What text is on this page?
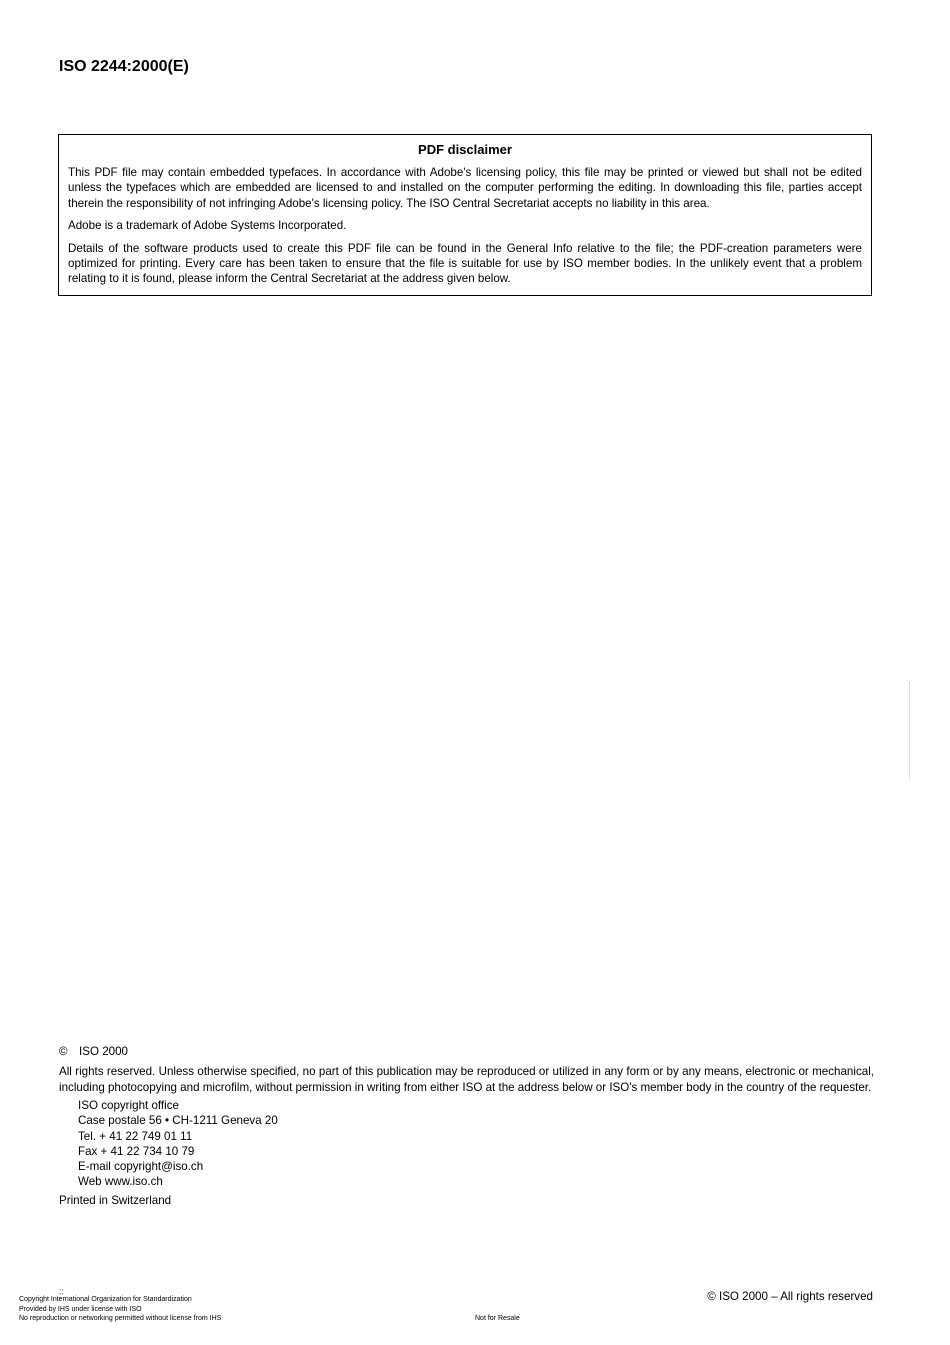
ISO 2244:2000(E)
PDF disclaimer

This PDF file may contain embedded typefaces. In accordance with Adobe's licensing policy, this file may be printed or viewed but shall not be edited unless the typefaces which are embedded are licensed to and installed on the computer performing the editing. In downloading this file, parties accept therein the responsibility of not infringing Adobe's licensing policy. The ISO Central Secretariat accepts no liability in this area.

Adobe is a trademark of Adobe Systems Incorporated.

Details of the software products used to create this PDF file can be found in the General Info relative to the file; the PDF-creation parameters were optimized for printing. Every care has been taken to ensure that the file is suitable for use by ISO member bodies. In the unlikely event that a problem relating to it is found, please inform the Central Secretariat at the address given below.

© ISO 2000

All rights reserved. Unless otherwise specified, no part of this publication may be reproduced or utilized in any form or by any means, electronic or mechanical, including photocopying and microfilm, without permission in writing from either ISO at the address below or ISO's member body in the country of the requester.

ISO copyright office
Case postale 56 • CH-1211 Geneva 20
Tel. + 41 22 749 01 11
Fax + 41 22 734 10 79
E-mail copyright@iso.ch
Web www.iso.ch

Printed in Switzerland

::
Copyright International Organization for Standardization
Provided by IHS under license with ISO
No reproduction or networking permitted without license from IHS	Not for Resale
© ISO 2000 – All rights reserved
